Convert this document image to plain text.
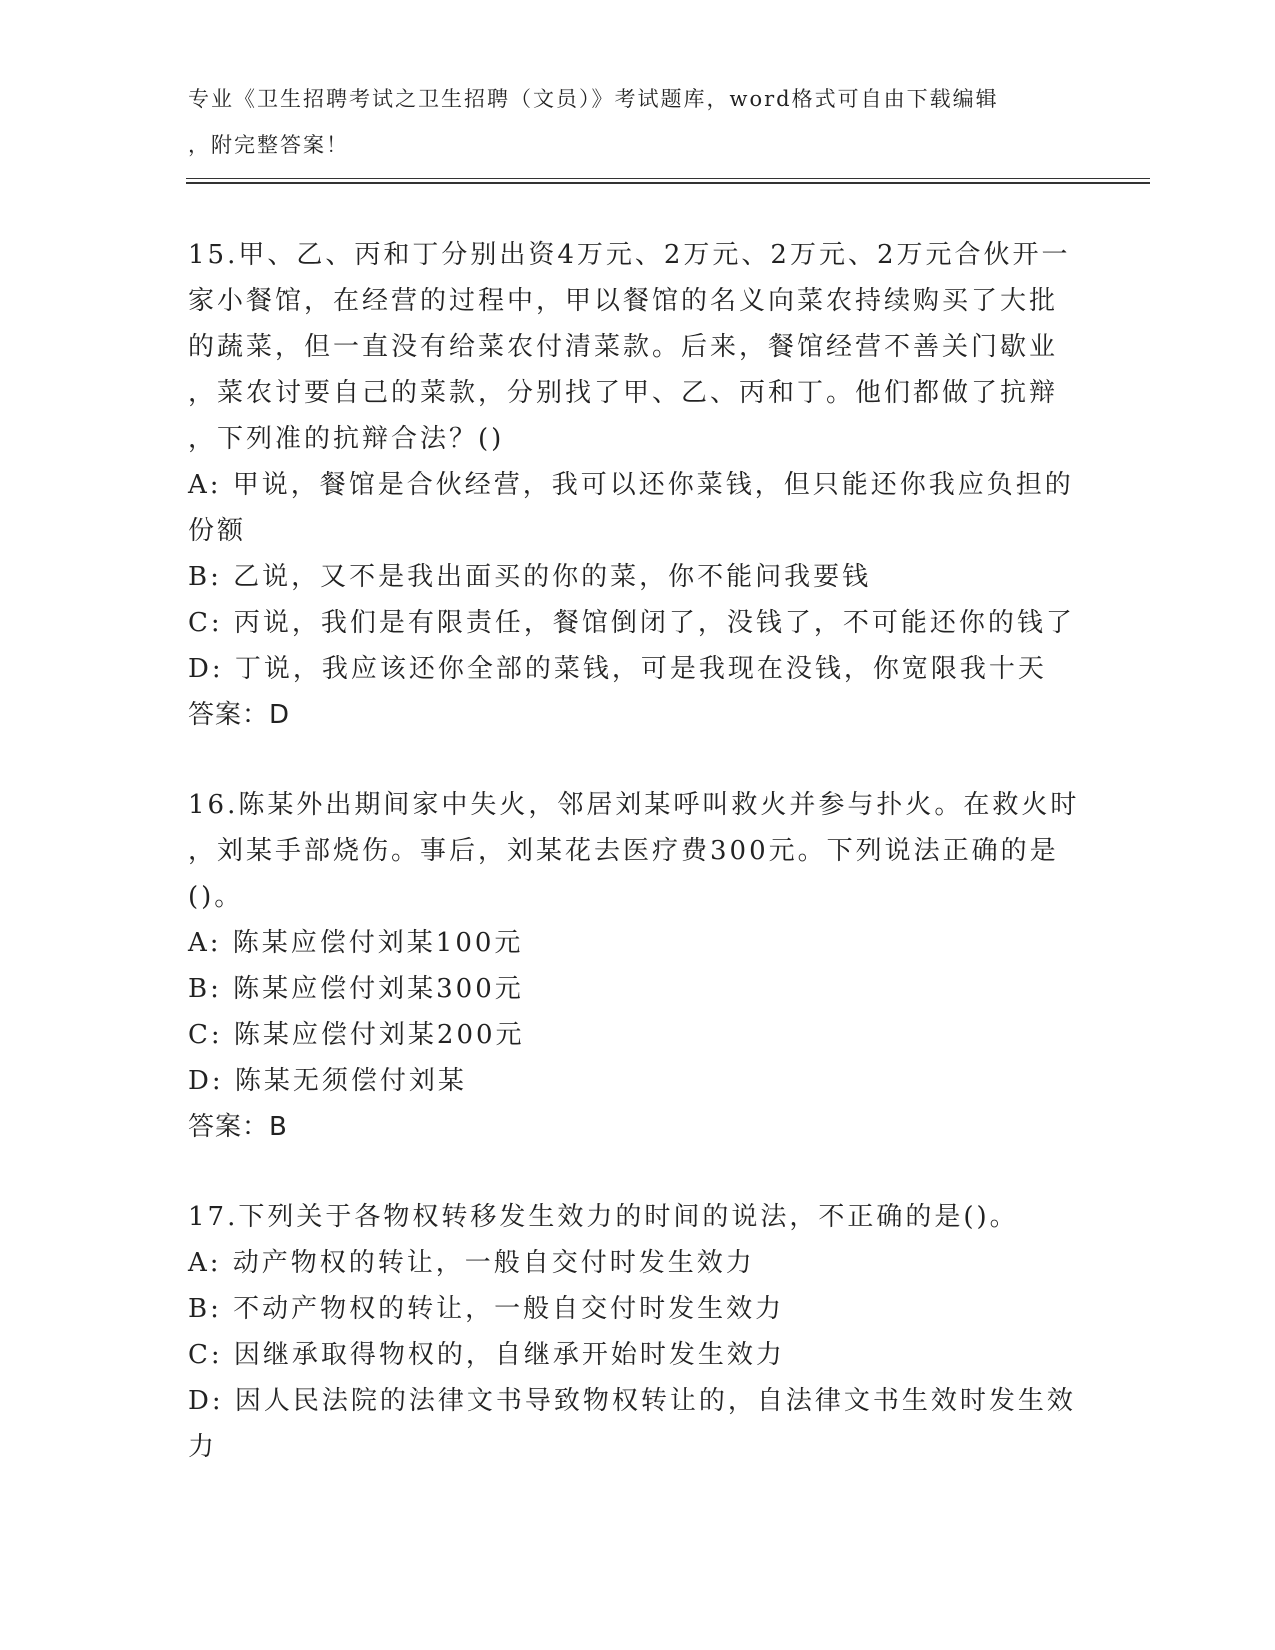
专业《卫生招聘考试之卫生招聘（文员）》考试题库，word格式可自由下载编辑
，附完整答案！
15.甲、乙、丙和丁分别出资4万元、2万元、2万元、2万元合伙开一
家小餐馆，在经营的过程中，甲以餐馆的名义向菜农持续购买了大批
的蔬菜，但一直没有给菜农付清菜款。后来，餐馆经营不善关门歇业
，菜农讨要自己的菜款，分别找了甲、乙、丙和丁。他们都做了抗辩
，下列准的抗辩合法？()
A: 甲说，餐馆是合伙经营，我可以还你菜钱，但只能还你我应负担的
份额
B: 乙说，又不是我出面买的你的菜，你不能问我要钱
C: 丙说，我们是有限责任，餐馆倒闭了，没钱了，不可能还你的钱了
D: 丁说，我应该还你全部的菜钱，可是我现在没钱，你宽限我十天
答案：D
16.陈某外出期间家中失火，邻居刘某呼叫救火并参与扑火。在救火时
，刘某手部烧伤。事后，刘某花去医疗费300元。下列说法正确的是
()。
A: 陈某应偿付刘某100元
B: 陈某应偿付刘某300元
C: 陈某应偿付刘某200元
D: 陈某无须偿付刘某
答案：B
17.下列关于各物权转移发生效力的时间的说法，不正确的是()。
A: 动产物权的转让，一般自交付时发生效力
B: 不动产物权的转让，一般自交付时发生效力
C: 因继承取得物权的，自继承开始时发生效力
D: 因人民法院的法律文书导致物权转让的，自法律文书生效时发生效
力
